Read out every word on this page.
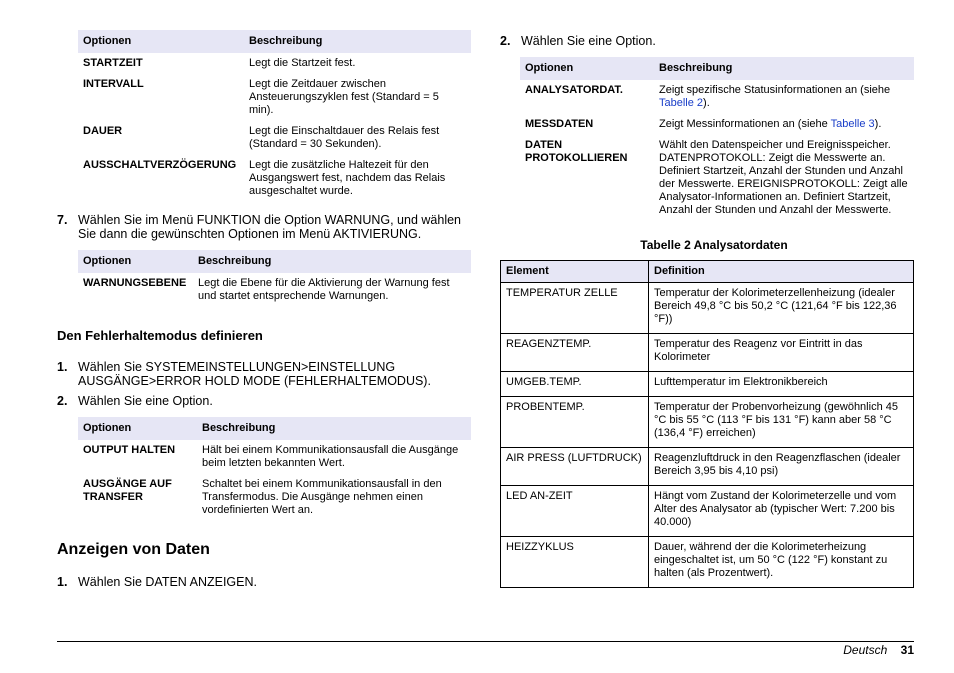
Optionen	Beschreibung
STARTZEIT	Legt die Startzeit fest.
INTERVALL	Legt die Zeitdauer zwischen Ansteuerungszyklen fest (Standard = 5 min).
DAUER	Legt die Einschaltdauer des Relais fest (Standard = 30 Sekunden).
AUSSCHALTVERZÖGERUNG	Legt die zusätzliche Haltezeit für den Ausgangswert fest, nachdem das Relais ausgeschaltet wurde.
7. Wählen Sie im Menü FUNKTION die Option WARNUNG, und wählen Sie dann die gewünschten Optionen im Menü AKTIVIERUNG.
Optionen	Beschreibung
WARNUNGSEBENE	Legt die Ebene für die Aktivierung der Warnung fest und startet entsprechende Warnungen.
Den Fehlerhaltemodus definieren
1. Wählen Sie SYSTEMEINSTELLUNGEN>EINSTELLUNG AUSGÄNGE>ERROR HOLD MODE (FEHLERHALTEMODUS).
2. Wählen Sie eine Option.
Optionen	Beschreibung
OUTPUT HALTEN	Hält bei einem Kommunikationsausfall die Ausgänge beim letzten bekannten Wert.
AUSGÄNGE AUF TRANSFER	Schaltet bei einem Kommunikationsausfall in den Transfermodus. Die Ausgänge nehmen einen vordefinierten Wert an.
Anzeigen von Daten
1. Wählen Sie DATEN ANZEIGEN.
2. Wählen Sie eine Option.
Optionen	Beschreibung
ANALYSATORDAT.	Zeigt spezifische Statusinformationen an (siehe Tabelle 2).
MESSDATEN	Zeigt Messinformationen an (siehe Tabelle 3).
DATEN PROTOKOLLIEREN	Wählt den Datenspeicher und Ereignisspeicher. DATENPROTOKOLL: Zeigt die Messwerte an. Definiert Startzeit, Anzahl der Stunden und Anzahl der Messwerte. EREIGNISPROTOKOLL: Zeigt alle Analysator-Informationen an. Definiert Startzeit, Anzahl der Stunden und Anzahl der Messwerte.
Tabelle 2 Analysatordaten
Element	Definition
TEMPERATUR ZELLE	Temperatur der Kolorimeterzellenheizung (idealer Bereich 49,8 °C bis 50,2 °C (121,64 °F bis 122,36 °F))
REAGENZTEMP.	Temperatur des Reagenz vor Eintritt in das Kolorimeter
UMGEB.TEMP.	Lufttemperatur im Elektronikbereich
PROBENTEMP.	Temperatur der Probenvorheizung (gewöhnlich 45 °C bis 55 °C (113 °F bis 131 °F) kann aber 58 °C (136,4 °F) erreichen)
AIR PRESS (LUFTDRUCK)	Reagenzluftdruck in den Reagenzflaschen (idealer Bereich 3,95 bis 4,10 psi)
LED AN-ZEIT	Hängt vom Zustand der Kolorimeterzelle und vom Alter des Analysator ab (typischer Wert: 7.200 bis 40.000)
HEIZZYKLUS	Dauer, während der die Kolorimeterheizung eingeschaltet ist, um 50 °C (122 °F) konstant zu halten (als Prozentwert).
Deutsch 31
